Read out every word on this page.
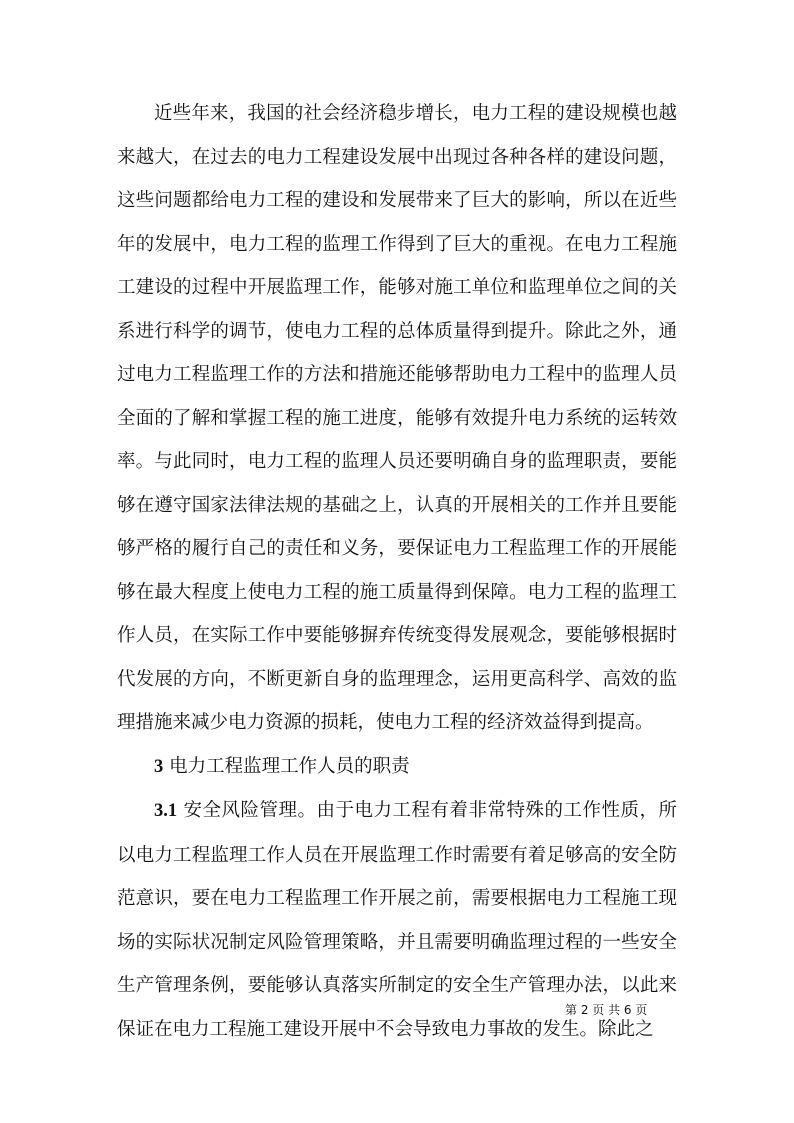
近些年来，我国的社会经济稳步增长，电力工程的建设规模也越来越大，在过去的电力工程建设发展中出现过各种各样的建设问题，这些问题都给电力工程的建设和发展带来了巨大的影响，所以在近些年的发展中，电力工程的监理工作得到了巨大的重视。在电力工程施工建设的过程中开展监理工作，能够对施工单位和监理单位之间的关系进行科学的调节，使电力工程的总体质量得到提升。除此之外，通过电力工程监理工作的方法和措施还能够帮助电力工程中的监理人员全面的了解和掌握工程的施工进度，能够有效提升电力系统的运转效率。与此同时，电力工程的监理人员还要明确自身的监理职责，要能够在遵守国家法律法规的基础之上，认真的开展相关的工作并且要能够严格的履行自己的责任和义务，要保证电力工程监理工作的开展能够在最大程度上使电力工程的施工质量得到保障。电力工程的监理工作人员，在实际工作中要能够摒弃传统变得发展观念，要能够根据时代发展的方向，不断更新自身的监理理念，运用更高科学、高效的监理措施来减少电力资源的损耗，使电力工程的经济效益得到提高。

3 电力工程监理工作人员的职责

3.1 安全风险管理。由于电力工程有着非常特殊的工作性质，所以电力工程监理工作人员在开展监理工作时需要有着足够高的安全防范意识，要在电力工程监理工作开展之前，需要根据电力工程施工现场的实际状况制定风险管理策略，并且需要明确监理过程的一些安全生产管理条例，要能够认真落实所制定的安全生产管理办法，以此来保证在电力工程施工建设开展中不会导致电力事故的发生。除此之

第 2 页 共 6 页
